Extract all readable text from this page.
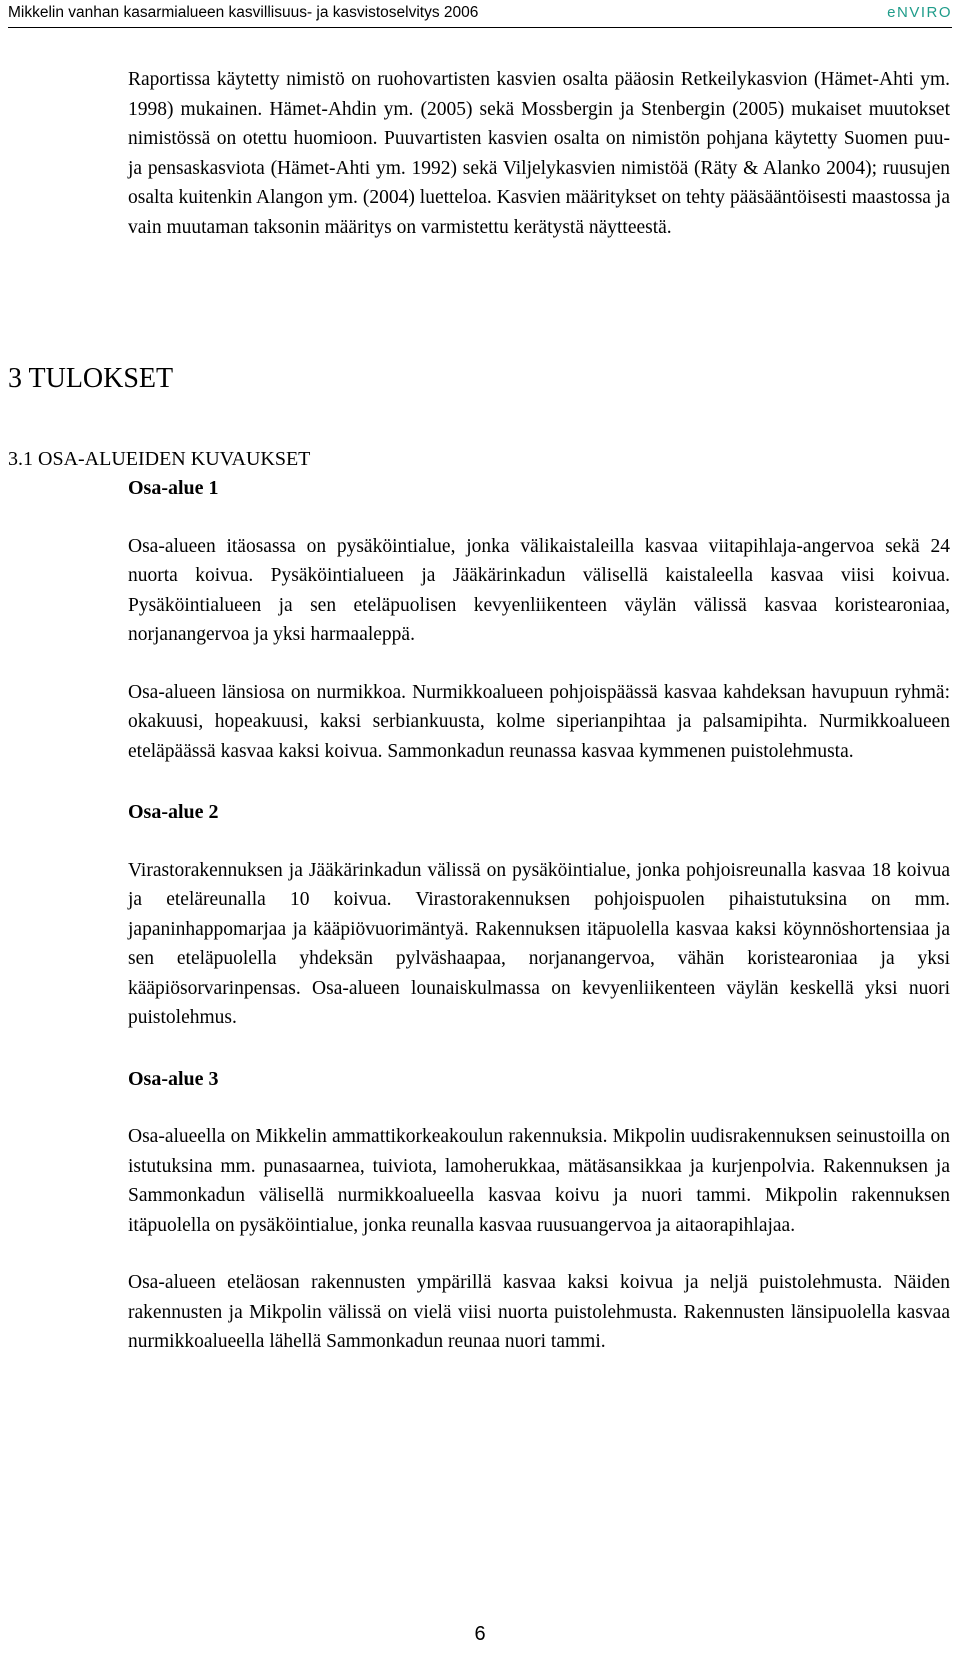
Mikkelin vanhan kasarmialueen kasvillisuus- ja kasvistoselvitys 2006	eNVIRO

Raportissa käytetty nimistö on ruohovartisten kasvien osalta pääosin Retkeilykasvion (Hämet-Ahti ym. 1998) mukainen. Hämet-Ahdin ym. (2005) sekä Mossbergin ja Stenbergin (2005) mukaiset muutokset nimistössä on otettu huomioon. Puuvartisten kasvien osalta on nimistön pohjana käytetty Suomen puu- ja pensaskasviota (Hämet-Ahti ym. 1992) sekä Viljelykasvien nimistöä (Räty & Alanko 2004); ruusujen osalta kuitenkin Alangon ym. (2004) luetteloa. Kasvien määritykset on tehty pääsääntöisesti maastossa ja vain muutaman taksonin määritys on varmistettu kerätystä näytteestä.

3 TULOKSET
3.1 OSA-ALUEIDEN KUVAUKSET
Osa-alue 1

Osa-alueen itäosassa on pysäköintialue, jonka välikaistaleilla kasvaa viitapihlaja-angervoa sekä 24 nuorta koivua. Pysäköintialueen ja Jääkärinkadun välisellä kaistaleella kasvaa viisi koivua. Pysäköintialueen ja sen eteläpuolisen kevyenliikenteen väylän välissä kasvaa koristearoniaa, norjanangervoa ja yksi harmaaleppä.

Osa-alueen länsiosa on nurmikkoa. Nurmikkoalueen pohjoispäässä kasvaa kahdeksan havupuun ryhmä: okakuusi, hopeakuusi, kaksi serbiankuusta, kolme siperianpihtaa ja palsamipihta. Nurmikkoalueen eteläpäässä kasvaa kaksi koivua. Sammonkadun reunassa kasvaa kymmenen puistolehmusta.

Osa-alue 2

Virastorakennuksen ja Jääkärinkadun välissä on pysäköintialue, jonka pohjoisreunalla kasvaa 18 koivua ja eteläreunalla 10 koivua. Virastorakennuksen pohjoispuolen pihaistutuksina on mm. japaninhappomarjaa ja kääpiövuorimäntyä. Rakennuksen itäpuolella kasvaa kaksi köynnöshortensiaa ja sen eteläpuolella yhdeksän pylväshaapaa, norjanangervoa, vähän koristearoniaa ja yksi kääpiösorvarinpensas. Osa-alueen lounaiskulmassa on kevyenliikenteen väylän keskellä yksi nuori puistolehmus.

Osa-alue 3

Osa-alueella on Mikkelin ammattikorkeakoulun rakennuksia. Mikpolin uudisrakennuksen seinustoilla on istutuksina mm. punasaarnea, tuiviota, lamoherukkaa, mätäsansikkaa ja kurjenpolvia. Rakennuksen ja Sammonkadun välisellä nurmikkoalueella kasvaa koivu ja nuori tammi. Mikpolin rakennuksen itäpuolella on pysäköintialue, jonka reunalla kasvaa ruusuangervoa ja aitaorapihlajaa.

Osa-alueen eteläosan rakennusten ympärillä kasvaa kaksi koivua ja neljä puistolehmusta. Näiden rakennusten ja Mikpolin välissä on vielä viisi nuorta puistolehmusta. Rakennusten länsipuolella kasvaa nurmikkoalueella lähellä Sammonkadun reunaa nuori tammi.

6
